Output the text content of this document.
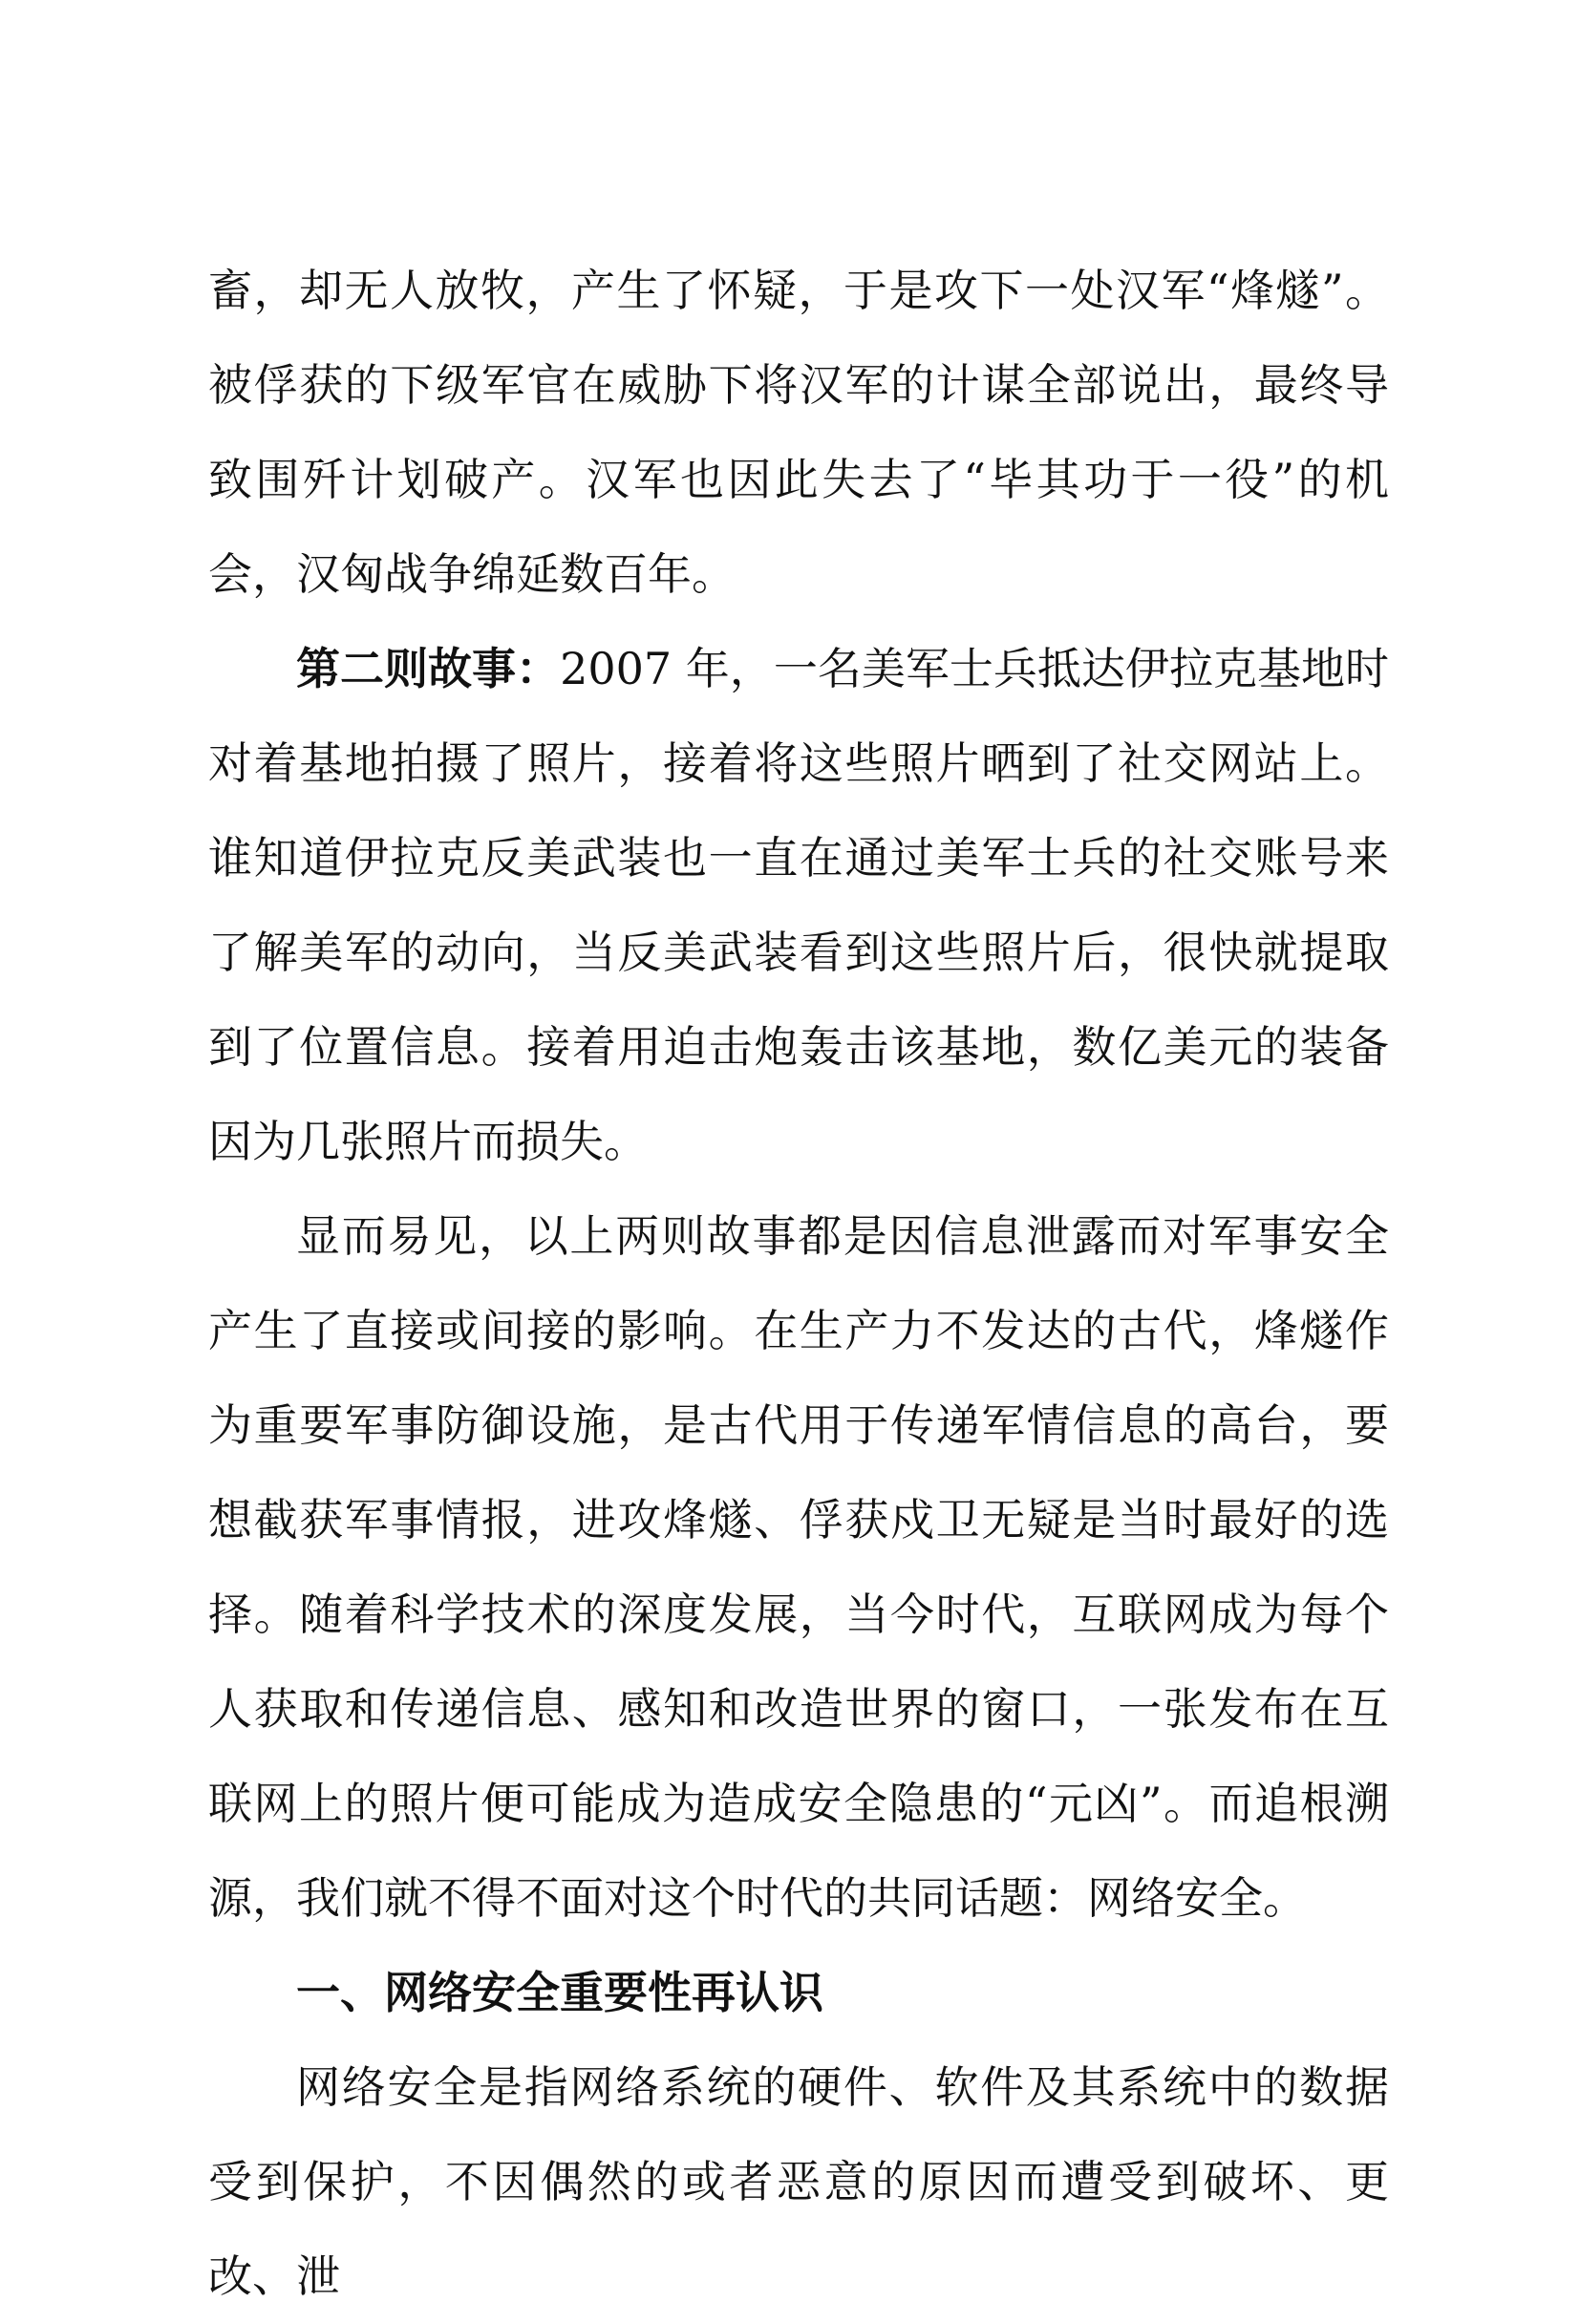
畜，却无人放牧，产生了怀疑，于是攻下一处汉军“烽燧”。被俘获的下级军官在威胁下将汉军的计谋全部说出，最终导致围歼计划破产。汉军也因此失去了“毕其功于一役”的机会，汉匈战争绵延数百年。

第二则故事：2007 年，一名美军士兵抵达伊拉克基地时对着基地拍摄了照片，接着将这些照片晒到了社交网站上。谁知道伊拉克反美武装也一直在通过美军士兵的社交账号来了解美军的动向，当反美武装看到这些照片后，很快就提取到了位置信息。接着用迫击炮轰击该基地，数亿美元的装备因为几张照片而损失。

显而易见，以上两则故事都是因信息泄露而对军事安全产生了直接或间接的影响。在生产力不发达的古代，烽燧作为重要军事防御设施，是古代用于传递军情信息的高台，要想截获军事情报，进攻烽燧、俘获戍卫无疑是当时最好的选择。随着科学技术的深度发展，当今时代，互联网成为每个人获取和传递信息、感知和改造世界的窗口，一张发布在互联网上的照片便可能成为造成安全隐患的“元凶”。而追根溯源，我们就不得不面对这个时代的共同话题：网络安全。

一、网络安全重要性再认识

网络安全是指网络系统的硬件、软件及其系统中的数据受到保护，不因偶然的或者恶意的原因而遭受到破坏、更改、泄
